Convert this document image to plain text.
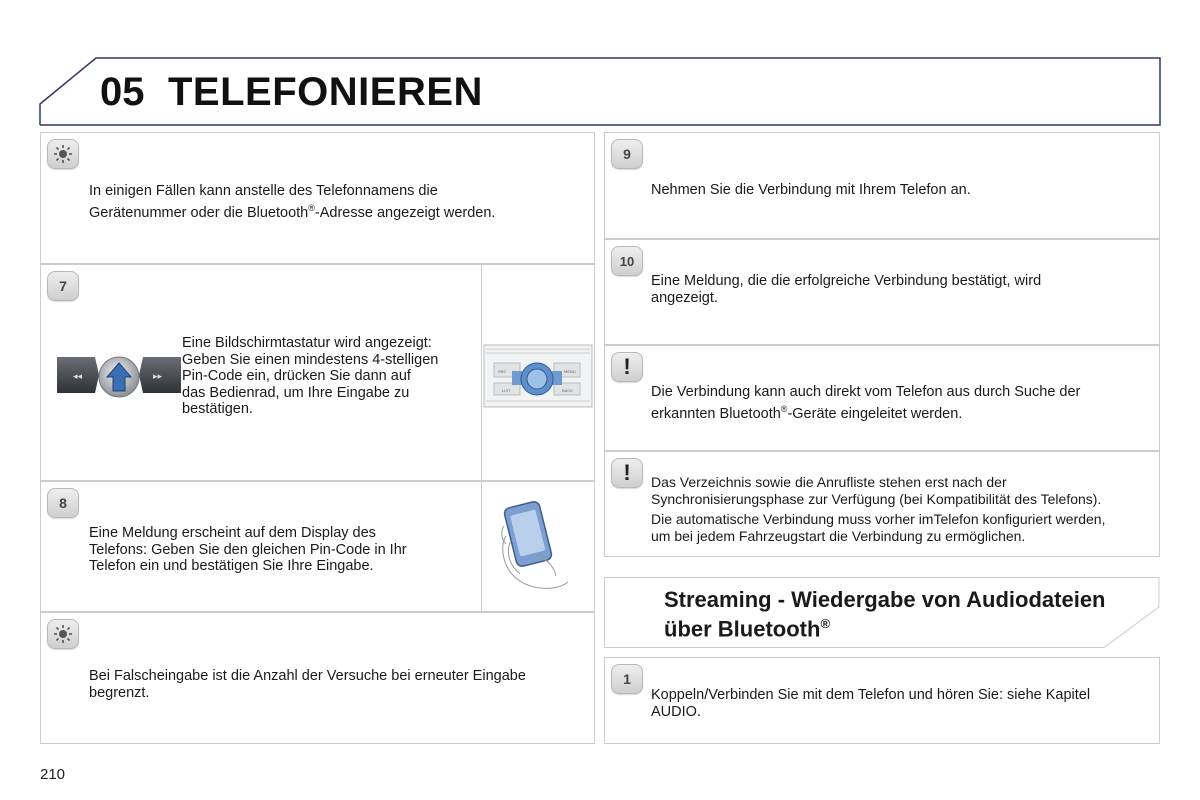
05 TELEFONIEREN
In einigen Fällen kann anstelle des Telefonnamens die
Gerätenummer oder die Bluetooth®-Adresse angezeigt werden.
7
◂◂	▸▸
Eine Bildschirmtastatur wird angezeigt:
Geben Sie einen mindestens 4-stelligen
Pin-Code ein, drücken Sie dann auf
das Bedienrad, um Ihre Eingabe zu
bestätigen.
SRC	MENU
LIST	BACK
8
Eine Meldung erscheint auf dem Display des
Telefons: Geben Sie den gleichen Pin-Code in Ihr
Telefon ein und bestätigen Sie Ihre Eingabe.
Bei Falscheingabe ist die Anzahl der Versuche bei erneuter Eingabe
begrenzt.
9
Nehmen Sie die Verbindung mit Ihrem Telefon an.
10
Eine Meldung, die die erfolgreiche Verbindung bestätigt, wird
angezeigt.
!
Die Verbindung kann auch direkt vom Telefon aus durch Suche der
erkannten Bluetooth®-Geräte eingeleitet werden.
!	Das Verzeichnis sowie die Anrufliste stehen erst nach der
Synchronisierungsphase zur Verfügung (bei Kompatibilität des Telefons).
Die automatische Verbindung muss vorher imTelefon konfiguriert werden,
um bei jedem Fahrzeugstart die Verbindung zu ermöglichen.
Streaming - Wiedergabe von Audiodateien
über Bluetooth®
1
Koppeln/Verbinden Sie mit dem Telefon und hören Sie: siehe Kapitel
AUDIO.
210
